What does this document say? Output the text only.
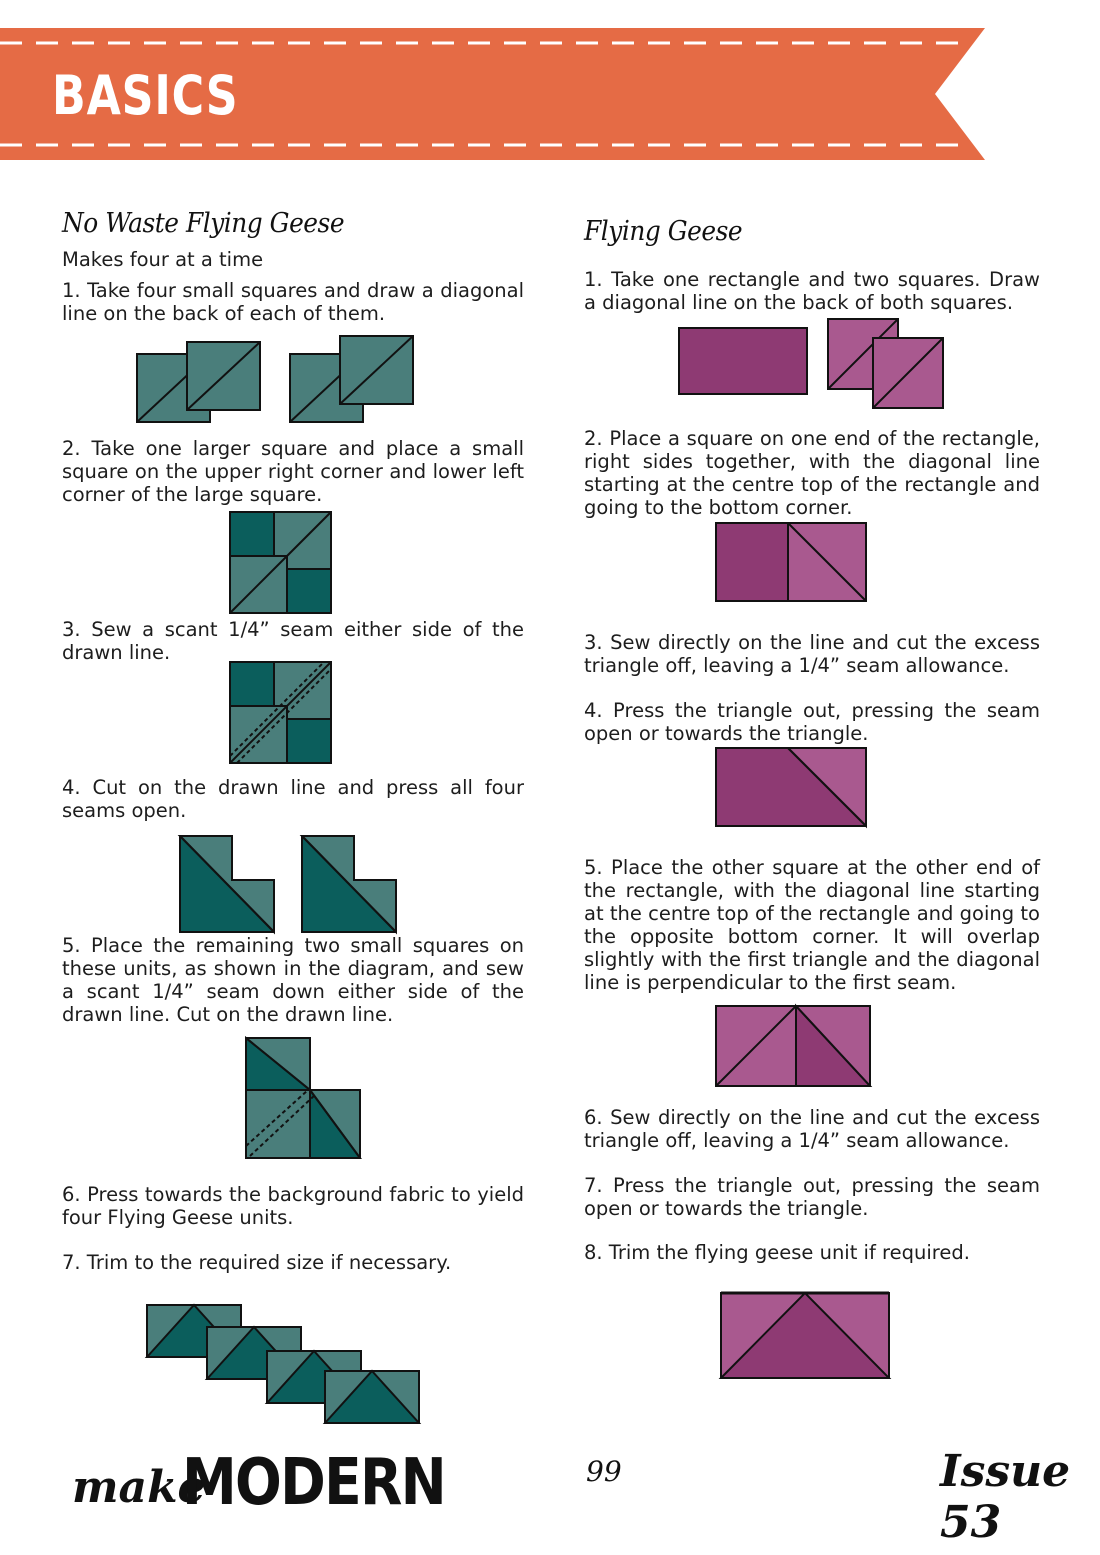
BASICS
No Waste Flying Geese
Makes four at a time
1. Take four small squares and draw a diagonal line on the back of each of them.
2. Take one larger square and place a small square on the upper right corner and lower left corner of the large square.
3. Sew a scant 1/4” seam either side of the drawn line.
4. Cut on the drawn line and press all four seams open.
5. Place the remaining two small squares on these units, as shown in the diagram, and sew a scant 1/4” seam down either side of the drawn line. Cut on the drawn line.
6. Press towards the background fabric to yield four Flying Geese units.
7. Trim to the required size if necessary.
Flying Geese
1. Take one rectangle and two squares. Draw a diagonal line on the back of both squares.
2. Place a square on one end of the rectangle, right sides together, with the diagonal line starting at the centre top of the rectangle and going to the bottom corner.
3. Sew directly on the line and cut the excess triangle off, leaving a 1/4” seam allowance.
4. Press the triangle out, pressing the seam open or towards the triangle.
5. Place the other square at the other end of the rectangle, with the diagonal line starting at the centre top of the rectangle and going to the opposite bottom corner. It will overlap slightly with the first triangle and the diagonal line is perpendicular to the first seam.
6. Sew directly on the line and cut the excess triangle off, leaving a 1/4” seam allowance.
7. Press the triangle out, pressing the seam open or towards the triangle.
8. Trim the flying geese unit if required.
make
MODERN	99	Issue 53
